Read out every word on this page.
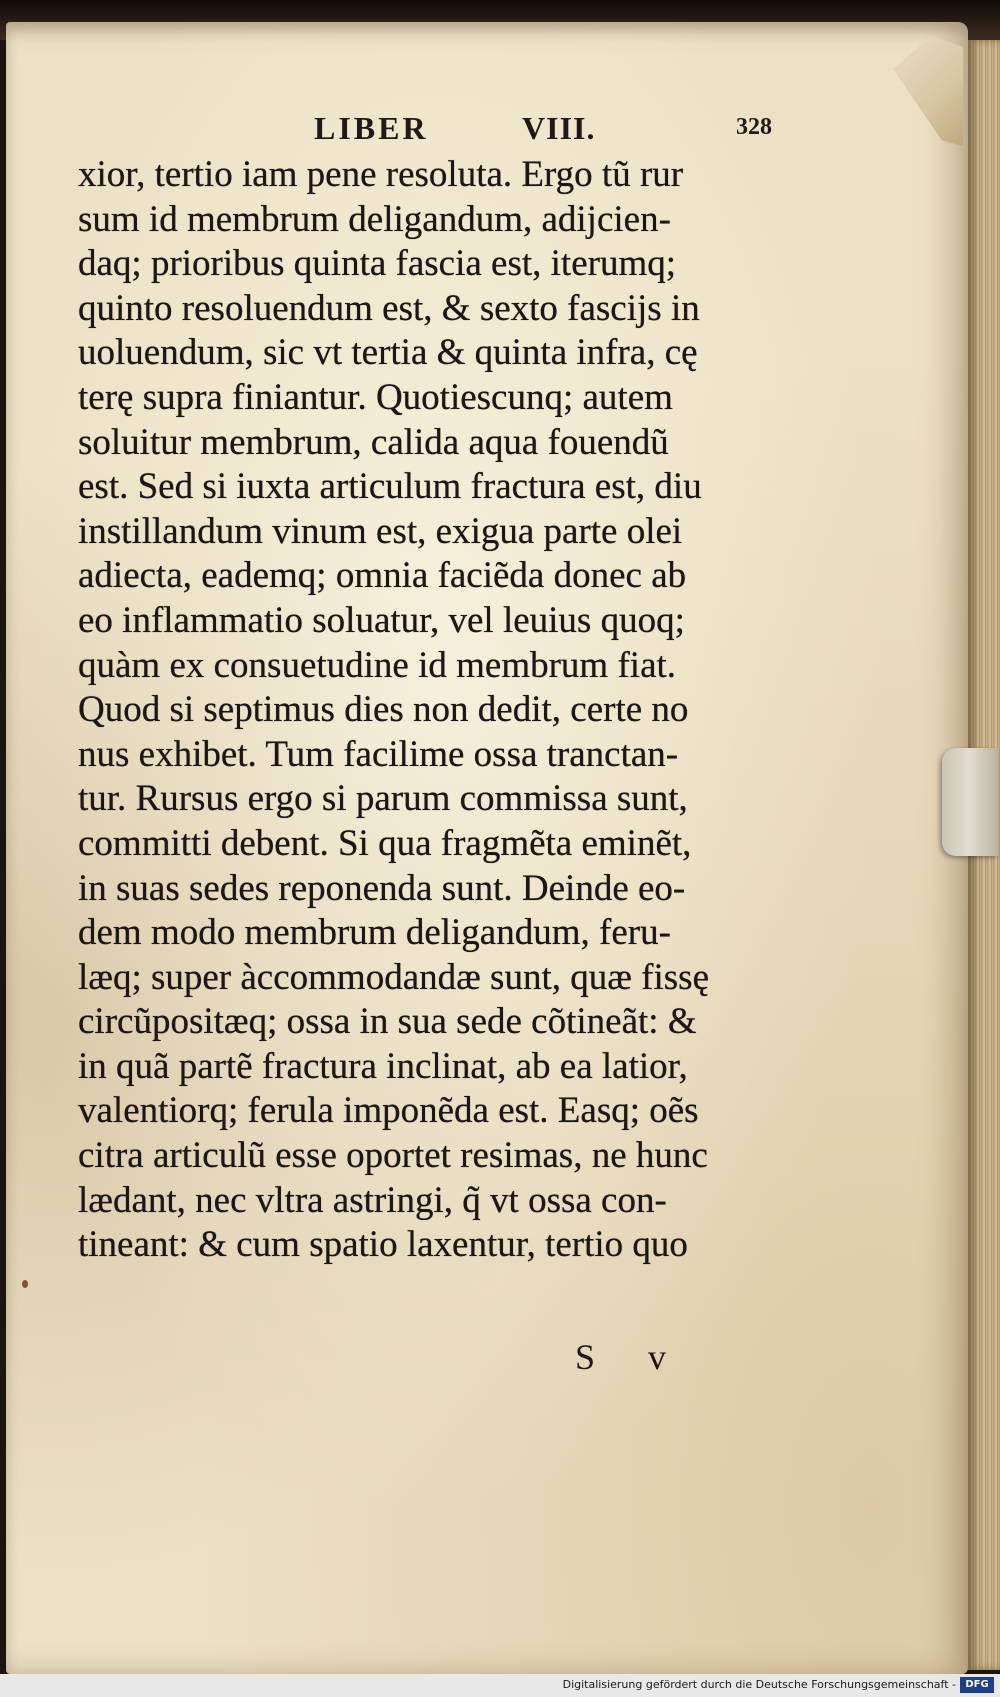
LIBER	VIII.	328
xior, tertio iam pene resoluta. Ergo tũ rur
sum id membrum deligandum, adijcien-
daq; prioribus quinta fascia est, iterumq;
quinto resoluendum est, & sexto fascijs in
uoluendum, sic vt tertia & quinta infra, cę
terę supra finiantur. Quotiescunq; autem
soluitur membrum, calida aqua fouendũ
est. Sed si iuxta articulum fractura est, diu
instillandum vinum est, exigua parte olei
adiecta, eademq; omnia faciẽda donec ab
eo inflammatio soluatur, vel leuius quoq;
quàm ex consuetudine id membrum fiat.
Quod si septimus dies non dedit, certe no
nus exhibet. Tum facilime ossa tranctan-
tur. Rursus ergo si parum commissa sunt,
committi debent. Si qua fragmẽta eminẽt,
in suas sedes reponenda sunt. Deinde eo-
dem modo membrum deligandum, feru-
læq; super àccommodandæ sunt, quæ fissę
circũpositæq; ossa in sua sede cõtineãt: &
in quã partẽ fractura inclinat, ab ea latior,
valentiorq; ferula imponẽda est. Easq; oẽs
citra articulũ esse oportet resimas, ne hunc
lædant, nec vltra astringi, q̃ vt ossa con-
tineant: & cum spatio laxentur, tertio quo
S v
Digitalisierung gefördert durch die Deutsche Forschungsgemeinschaft - DFG
